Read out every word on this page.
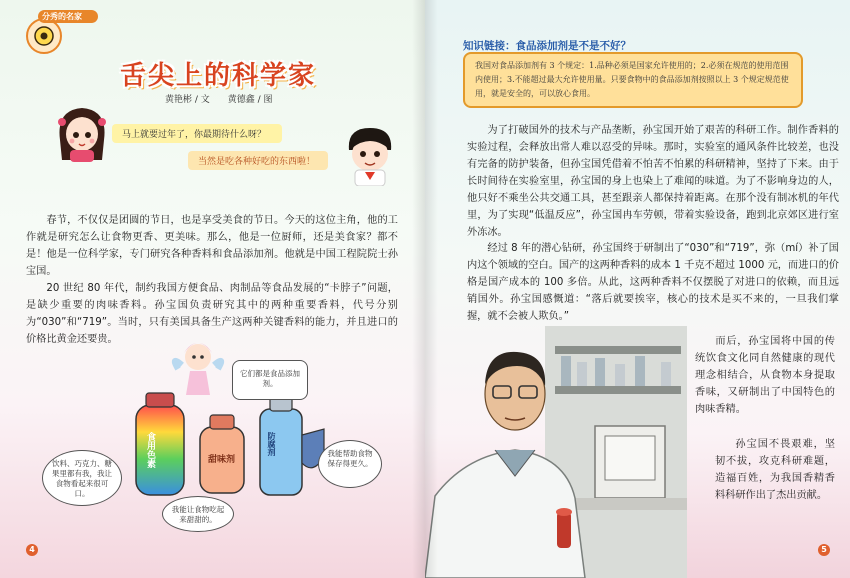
分秀的名家
舌尖上的科学家
黄艳彬 / 文　　黄德鑫 / 图
马上就要过年了，你最期待什么呀？
当然是吃各种好吃的东西啦！
春节，不仅仅是团圆的节日，也是享受美食的节日。今天的这位主角，他的工作就是研究怎么让食物更香、更美味。那么，他是一位厨师，还是美食家？都不是！他是一位科学家，专门研究各种香料和食品添加剂。他就是中国工程院院士孙宝国。
20 世纪 80 年代，制约我国方便食品、肉制品等食品发展的“卡脖子”问题，是缺少重要的肉味香料。孙宝国负责研究其中的两种重要香料，代号分别为“030”和“719”。当时，只有美国具备生产这两种关键香料的能力，并且进口的价格比黄金还要贵。
食用色素	甜味剂
防腐剂
它们都是食品添加剂。
饮料、巧克力、糖果里都有我，我让食物看起来很可口。
我能帮助食物保存得更久。
我能让食物吃起来甜甜的。
4
知识链接：食品添加剂是不是不好？
我国对食品添加剂有 3 个规定：1.品种必须是国家允许使用的；2.必须在规范的使用范围内使用；3.不能超过最大允许使用量。只要食物中的食品添加剂按照以上 3 个规定规范使用，就是安全的，可以放心食用。
为了打破国外的技术与产品垄断，孙宝国开始了艰苦的科研工作。制作香料的实验过程，会释放出常人难以忍受的异味。那时，实验室的通风条件比较差，也没有完备的防护装备，但孙宝国凭借着不怕苦不怕累的科研精神，坚持了下来。由于长时间待在实验室里，孙宝国的身上也染上了难闻的味道。为了不影响身边的人，他只好不乘坐公共交通工具，甚至跟亲人都保持着距离。在那个没有制冰机的年代里，为了实现“低温反应”，孙宝国冉车劳顿，带着实验设备，跑到北京郊区进行室外冻冰。
经过 8 年的潜心钻研，孙宝国终于研制出了“030”和“719”，弥（mí）补了国内这个领域的空白。国产的这两种香料的成本 1 千克不超过 1000 元，而进口的价格是国产成本的 100 多倍。从此，这两种香料不仅摆脱了对进口的依赖，而且远销国外。孙宝国感慨道：“落后就要挨宰，核心的技术是买不来的，一旦我们掌握，就不会被人欺负。”
而后，孙宝国将中国的传统饮食文化同自然健康的现代理念相结合，从食物本身提取香味，又研制出了中国特色的肉味香精。
孙宝国不畏艰难，坚韧不拔，攻克科研难题，造福百姓，为我国香精香料科研作出了杰出贡献。
5
